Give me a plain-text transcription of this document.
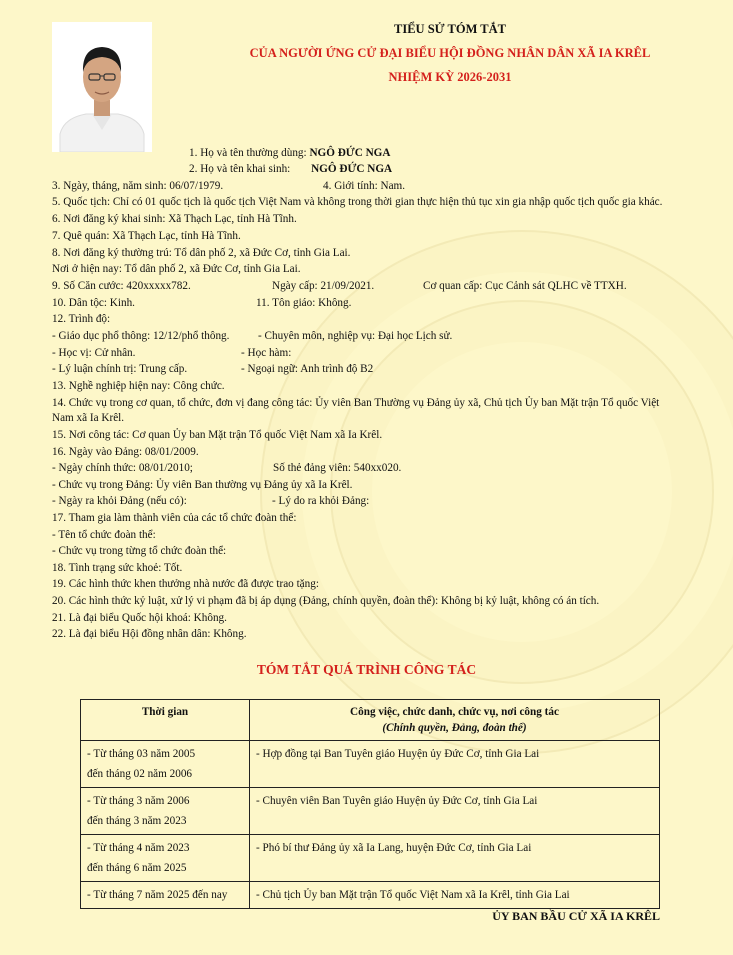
TIỂU SỬ TÓM TẮT
CỦA NGƯỜI ỨNG CỬ ĐẠI BIỂU HỘI ĐỒNG NHÂN DÂN XÃ IA KRÊL
NHIỆM KỲ 2026-2031
1. Họ và tên thường dùng: NGÔ ĐỨC NGA
2. Họ và tên khai sinh: NGÔ ĐỨC NGA
3. Ngày, tháng, năm sinh: 06/07/1979.	4. Giới tính: Nam.
5. Quốc tịch: Chỉ có 01 quốc tịch là quốc tịch Việt Nam và không trong thời gian thực hiện thủ tục xin gia nhập quốc tịch quốc gia khác.
6. Nơi đăng ký khai sinh: Xã Thạch Lạc, tỉnh Hà Tĩnh.
7. Quê quán: Xã Thạch Lạc, tỉnh Hà Tĩnh.
8. Nơi đăng ký thường trú: Tổ dân phố 2, xã Đức Cơ, tỉnh Gia Lai.
Nơi ở hiện nay: Tổ dân phố 2, xã Đức Cơ, tỉnh Gia Lai.
9. Số Căn cước: 420xxxxx782.	Ngày cấp: 21/09/2021.	Cơ quan cấp: Cục Cảnh sát QLHC về TTXH.
10. Dân tộc: Kinh.	11. Tôn giáo: Không.
12. Trình độ:
- Giáo dục phổ thông: 12/12/phổ thông.	- Chuyên môn, nghiệp vụ: Đại học Lịch sử.
- Học vị: Cử nhân.	- Học hàm:
- Lý luận chính trị: Trung cấp.	- Ngoại ngữ: Anh trình độ B2
13. Nghề nghiệp hiện nay: Công chức.
14. Chức vụ trong cơ quan, tổ chức, đơn vị đang công tác: Ủy viên Ban Thường vụ Đảng ủy xã, Chủ tịch Ủy ban Mặt trận Tổ quốc Việt
Nam xã Ia Krêl.
15. Nơi công tác: Cơ quan Ủy ban Mặt trận Tổ quốc Việt Nam xã Ia Krêl.
16. Ngày vào Đảng: 08/01/2009.
- Ngày chính thức: 08/01/2010;	Số thẻ đảng viên: 540xx020.
- Chức vụ trong Đảng: Ủy viên Ban thường vụ Đảng ủy xã Ia Krêl.
- Ngày ra khỏi Đảng (nếu có):	- Lý do ra khỏi Đảng:
17. Tham gia làm thành viên của các tổ chức đoàn thể:
- Tên tổ chức đoàn thể:
- Chức vụ trong từng tổ chức đoàn thể:
18. Tình trạng sức khoẻ: Tốt.
19. Các hình thức khen thưởng nhà nước đã được trao tặng:
20. Các hình thức kỷ luật, xử lý vi phạm đã bị áp dụng (Đảng, chính quyền, đoàn thể): Không bị kỷ luật, không có án tích.
21. Là đại biểu Quốc hội khoá: Không.
22. Là đại biểu Hội đồng nhân dân: Không.
TÓM TẮT QUÁ TRÌNH CÔNG TÁC
Thời gian	Công việc, chức danh, chức vụ, nơi công tác
(Chính quyền, Đảng, đoàn thể)

- Từ tháng 03 năm 2005
đến tháng 02 năm 2006	- Hợp đồng tại Ban Tuyên giáo Huyện ủy Đức Cơ, tỉnh Gia Lai

- Từ tháng 3 năm 2006
đến tháng 3 năm 2023	- Chuyên viên Ban Tuyên giáo Huyện ủy Đức Cơ, tỉnh Gia Lai

- Từ tháng 4 năm 2023
đến tháng 6 năm 2025	- Phó bí thư Đảng ủy xã Ia Lang, huyện Đức Cơ, tỉnh Gia Lai

- Từ tháng 7 năm 2025 đến nay	- Chủ tịch Ủy ban Mặt trận Tổ quốc Việt Nam xã Ia Krêl, tỉnh Gia Lai
ỦY BAN BẦU CỬ XÃ IA KRÊL
